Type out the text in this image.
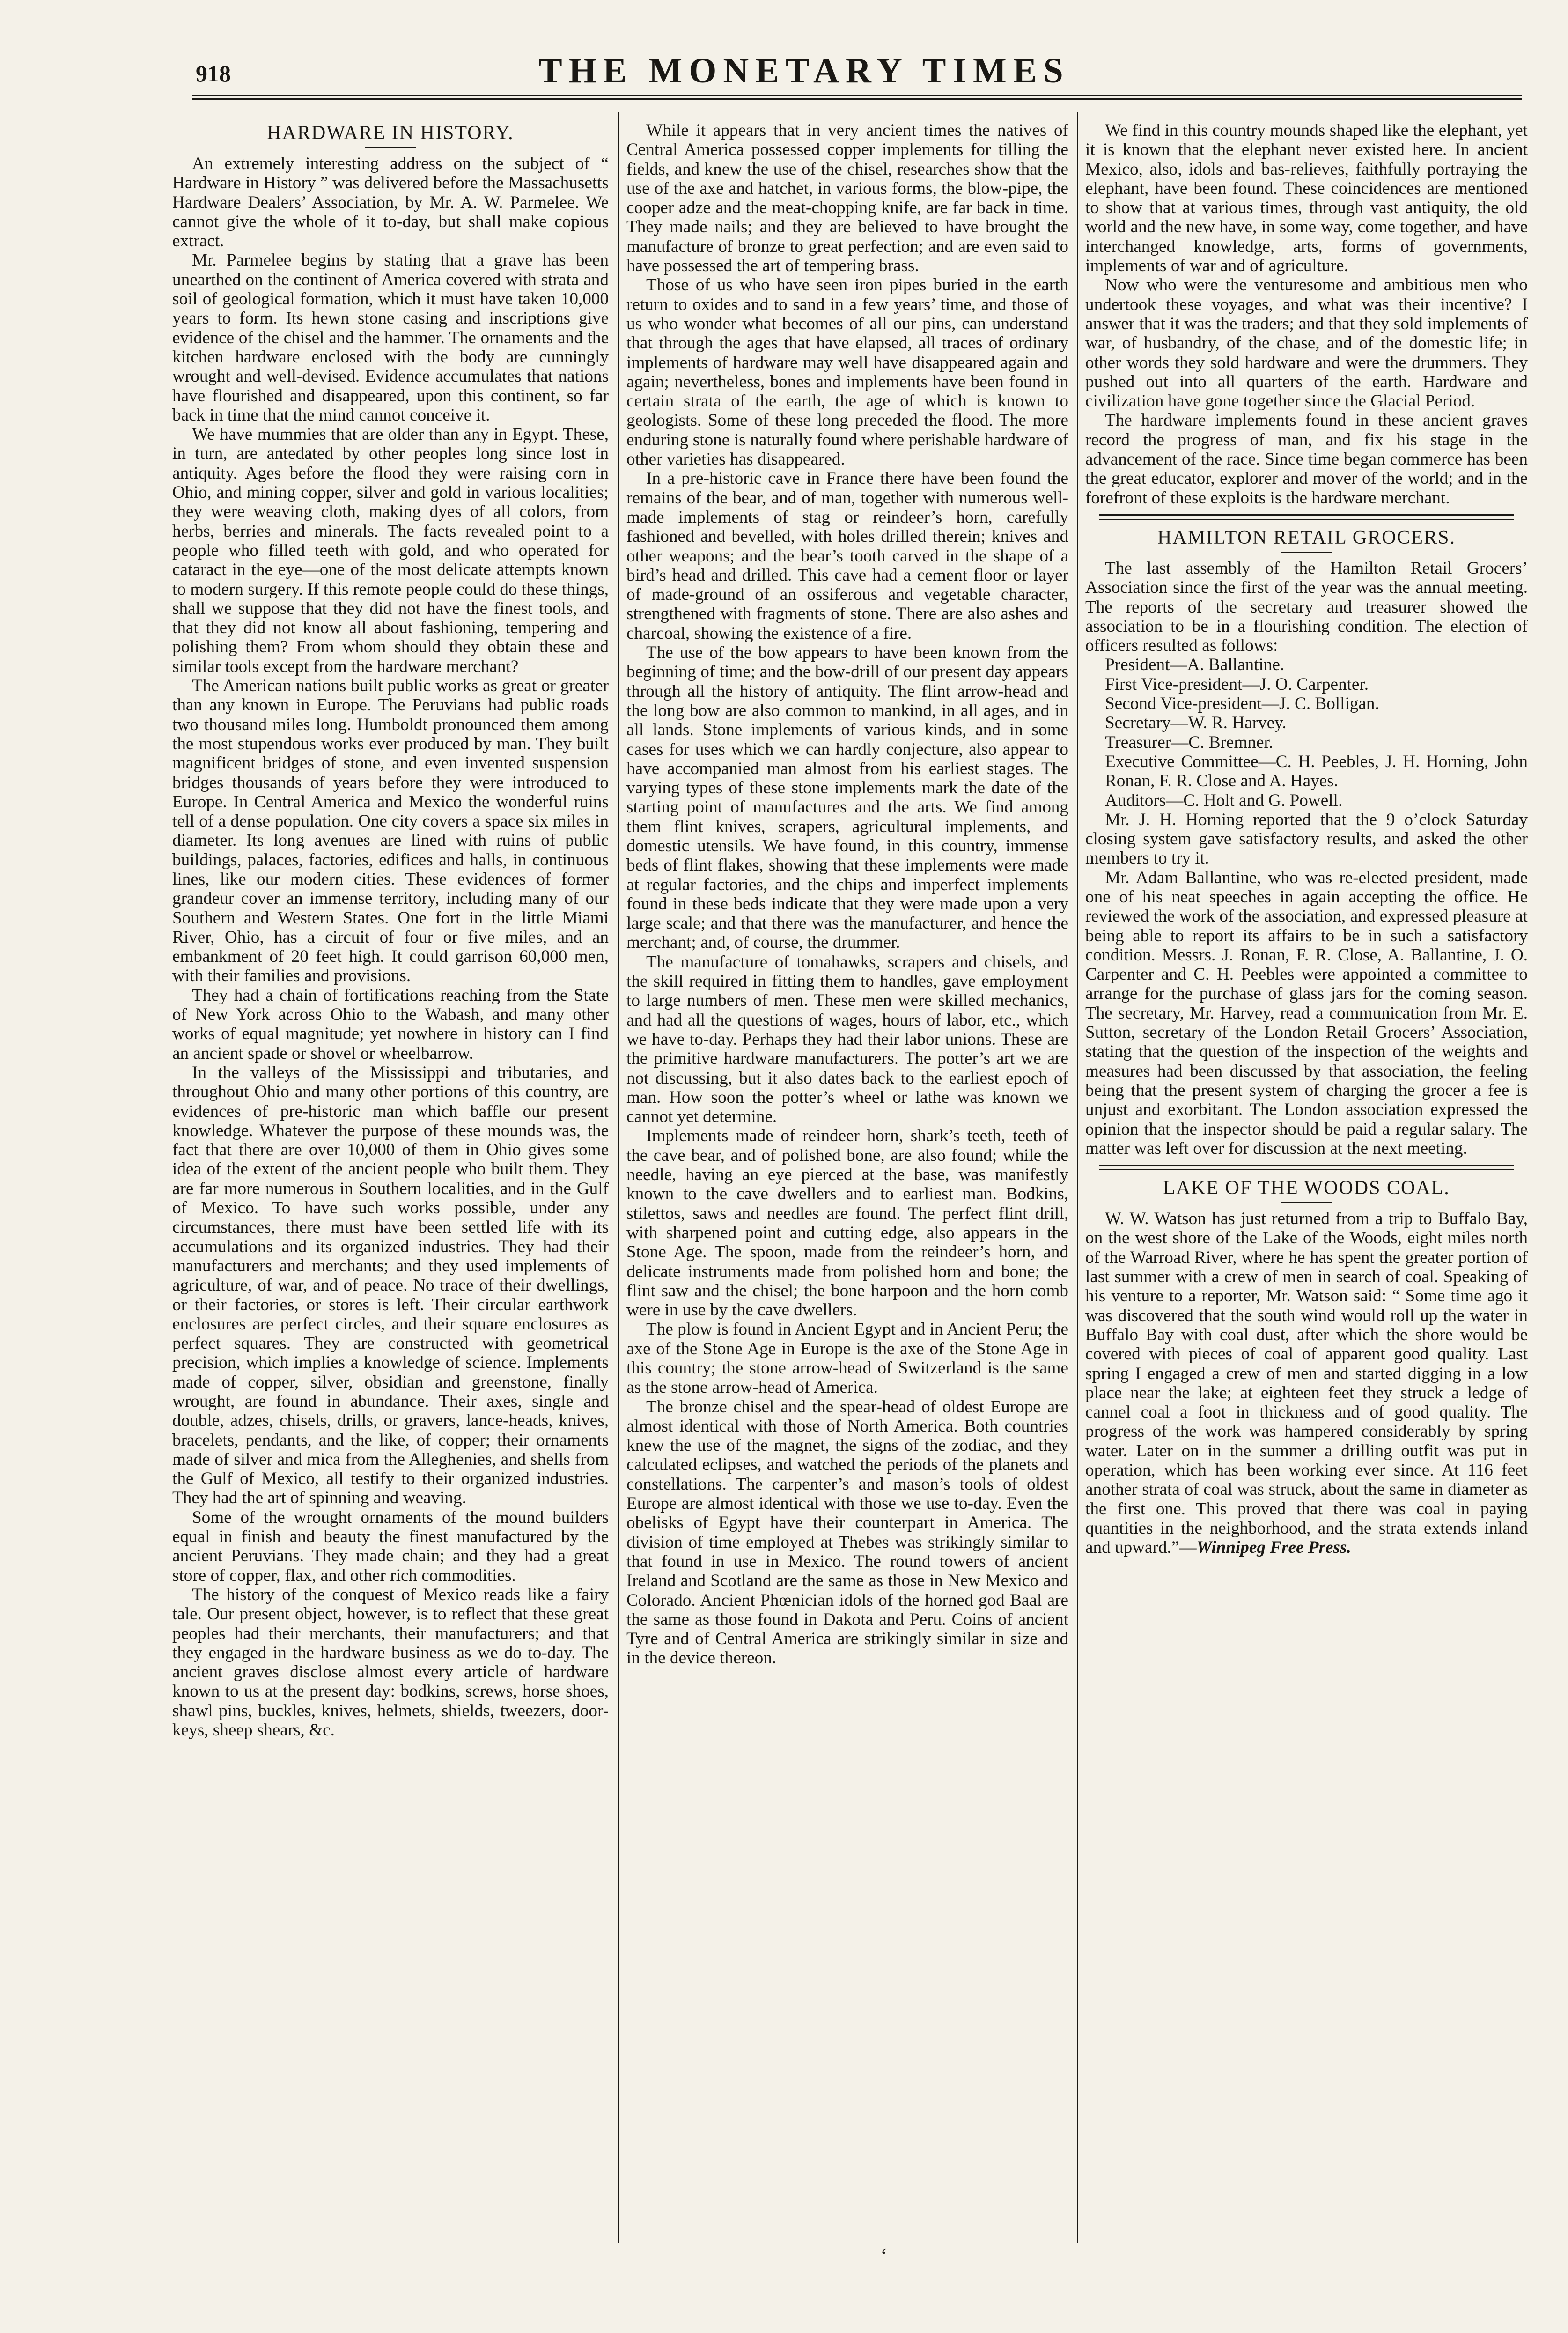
918	THE MONETARY TIMES
HARDWARE IN HISTORY.

An extremely interesting address on the subject of “ Hardware in History ” was delivered before the Massachusetts Hardware Dealers’ Association, by Mr. A. W. Parmelee. We cannot give the whole of it to-day, but shall make copious extract.

Mr. Parmelee begins by stating that a grave has been unearthed on the continent of America covered with strata and soil of geological formation, which it must have taken 10,000 years to form. Its hewn stone casing and inscriptions give evidence of the chisel and the hammer. The ornaments and the kitchen hardware enclosed with the body are cunningly wrought and well-devised. Evidence accumulates that nations have flourished and disappeared, upon this continent, so far back in time that the mind cannot conceive it.

We have mummies that are older than any in Egypt. These, in turn, are antedated by other peoples long since lost in antiquity. Ages before the flood they were raising corn in Ohio, and mining copper, silver and gold in various localities; they were weaving cloth, making dyes of all colors, from herbs, berries and minerals. The facts revealed point to a people who filled teeth with gold, and who operated for cataract in the eye—one of the most delicate attempts known to modern surgery. If this remote people could do these things, shall we suppose that they did not have the finest tools, and that they did not know all about fashioning, tempering and polishing them? From whom should they obtain these and similar tools except from the hardware merchant?

The American nations built public works as great or greater than any known in Europe. The Peruvians had public roads two thousand miles long. Humboldt pronounced them among the most stupendous works ever produced by man. They built magnificent bridges of stone, and even invented suspension bridges thousands of years before they were introduced to Europe. In Central America and Mexico the wonderful ruins tell of a dense population. One city covers a space six miles in diameter. Its long avenues are lined with ruins of public buildings, palaces, factories, edifices and halls, in continuous lines, like our modern cities. These evidences of former grandeur cover an immense territory, including many of our Southern and Western States. One fort in the little Miami River, Ohio, has a circuit of four or five miles, and an embankment of 20 feet high. It could garrison 60,000 men, with their families and provisions.

They had a chain of fortifications reaching from the State of New York across Ohio to the Wabash, and many other works of equal magnitude; yet nowhere in history can I find an ancient spade or shovel or wheelbarrow.

In the valleys of the Mississippi and tributaries, and throughout Ohio and many other portions of this country, are evidences of pre-historic man which baffle our present knowledge. Whatever the purpose of these mounds was, the fact that there are over 10,000 of them in Ohio gives some idea of the extent of the ancient people who built them. They are far more numerous in Southern localities, and in the Gulf of Mexico. To have such works possible, under any circumstances, there must have been settled life with its accumulations and its organized industries. They had their manufacturers and merchants; and they used implements of agriculture, of war, and of peace. No trace of their dwellings, or their factories, or stores is left. Their circular earthwork enclosures are perfect circles, and their square enclosures as perfect squares. They are constructed with geometrical precision, which implies a knowledge of science. Implements made of copper, silver, obsidian and greenstone, finally wrought, are found in abundance. Their axes, single and double, adzes, chisels, drills, or gravers, lance-heads, knives, bracelets, pendants, and the like, of copper; their ornaments made of silver and mica from the Alleghenies, and shells from the Gulf of Mexico, all testify to their organized industries. They had the art of spinning and weaving.

Some of the wrought ornaments of the mound builders equal in finish and beauty the finest manufactured by the ancient Peruvians. They made chain; and they had a great store of copper, flax, and other rich commodities.

The history of the conquest of Mexico reads like a fairy tale. Our present object, however, is to reflect that these great peoples had their merchants, their manufacturers; and that they engaged in the hardware business as we do to-day. The ancient graves disclose almost every article of hardware known to us at the present day: bodkins, screws, horse shoes, shawl pins, buckles, knives, helmets, shields, tweezers, door-keys, sheep shears, &c.

While it appears that in very ancient times the natives of Central America possessed copper implements for tilling the fields, and knew the use of the chisel, researches show that the use of the axe and hatchet, in various forms, the blow-pipe, the cooper adze and the meat-chopping knife, are far back in time. They made nails; and they are believed to have brought the manufacture of bronze to great perfection; and are even said to have possessed the art of tempering brass.

Those of us who have seen iron pipes buried in the earth return to oxides and to sand in a few years’ time, and those of us who wonder what becomes of all our pins, can understand that through the ages that have elapsed, all traces of ordinary implements of hardware may well have disappeared again and again; nevertheless, bones and implements have been found in certain strata of the earth, the age of which is known to geologists. Some of these long preceded the flood. The more enduring stone is naturally found where perishable hardware of other varieties has disappeared.

In a pre-historic cave in France there have been found the remains of the bear, and of man, together with numerous well-made implements of stag or reindeer’s horn, carefully fashioned and bevelled, with holes drilled therein; knives and other weapons; and the bear’s tooth carved in the shape of a bird’s head and drilled. This cave had a cement floor or layer of made-ground of an ossiferous and vegetable character, strengthened with fragments of stone. There are also ashes and charcoal, showing the existence of a fire.

The use of the bow appears to have been known from the beginning of time; and the bow-drill of our present day appears through all the history of antiquity. The flint arrow-head and the long bow are also common to mankind, in all ages, and in all lands. Stone implements of various kinds, and in some cases for uses which we can hardly conjecture, also appear to have accompanied man almost from his earliest stages. The varying types of these stone implements mark the date of the starting point of manufactures and the arts. We find among them flint knives, scrapers, agricultural implements, and domestic utensils. We have found, in this country, immense beds of flint flakes, showing that these implements were made at regular factories, and the chips and imperfect implements found in these beds indicate that they were made upon a very large scale; and that there was the manufacturer, and hence the merchant; and, of course, the drummer.

The manufacture of tomahawks, scrapers and chisels, and the skill required in fitting them to handles, gave employment to large numbers of men. These men were skilled mechanics, and had all the questions of wages, hours of labor, etc., which we have to-day. Perhaps they had their labor unions. These are the primitive hardware manufacturers. The potter’s art we are not discussing, but it also dates back to the earliest epoch of man. How soon the potter’s wheel or lathe was known we cannot yet determine.

Implements made of reindeer horn, shark’s teeth, teeth of the cave bear, and of polished bone, are also found; while the needle, having an eye pierced at the base, was manifestly known to the cave dwellers and to earliest man. Bodkins, stilettos, saws and needles are found. The perfect flint drill, with sharpened point and cutting edge, also appears in the Stone Age. The spoon, made from the reindeer’s horn, and delicate instruments made from polished horn and bone; the flint saw and the chisel; the bone harpoon and the horn comb were in use by the cave dwellers.

The plow is found in Ancient Egypt and in Ancient Peru; the axe of the Stone Age in Europe is the axe of the Stone Age in this country; the stone arrow-head of Switzerland is the same as the stone arrow-head of America.

The bronze chisel and the spear-head of oldest Europe are almost identical with those of North America. Both countries knew the use of the magnet, the signs of the zodiac, and they calculated eclipses, and watched the periods of the planets and constellations. The carpenter’s and mason’s tools of oldest Europe are almost identical with those we use to-day. Even the obelisks of Egypt have their counterpart in America. The division of time employed at Thebes was strikingly similar to that found in use in Mexico. The round towers of ancient Ireland and Scotland are the same as those in New Mexico and Colorado. Ancient Phœnician idols of the horned god Baal are the same as those found in Dakota and Peru. Coins of ancient Tyre and of Central America are strikingly similar in size and in the device thereon.

We find in this country mounds shaped like the elephant, yet it is known that the elephant never existed here. In ancient Mexico, also, idols and bas-relieves, faithfully portraying the elephant, have been found. These coincidences are mentioned to show that at various times, through vast antiquity, the old world and the new have, in some way, come together, and have interchanged knowledge, arts, forms of governments, implements of war and of agriculture.

Now who were the venturesome and ambitious men who undertook these voyages, and what was their incentive? I answer that it was the traders; and that they sold implements of war, of husbandry, of the chase, and of the domestic life; in other words they sold hardware and were the drummers. They pushed out into all quarters of the earth. Hardware and civilization have gone together since the Glacial Period.

The hardware implements found in these ancient graves record the progress of man, and fix his stage in the advancement of the race. Since time began commerce has been the great educator, explorer and mover of the world; and in the forefront of these exploits is the hardware merchant.

HAMILTON RETAIL GROCERS.

The last assembly of the Hamilton Retail Grocers’ Association since the first of the year was the annual meeting. The reports of the secretary and treasurer showed the association to be in a flourishing condition. The election of officers resulted as follows:

President—A. Ballantine.

First Vice-president—J. O. Carpenter.

Second Vice-president—J. C. Bolligan.

Secretary—W. R. Harvey.

Treasurer—C. Bremner.

Executive Committee—C. H. Peebles, J. H. Horning, John Ronan, F. R. Close and A. Hayes.

Auditors—C. Holt and G. Powell.

Mr. J. H. Horning reported that the 9 o’clock Saturday closing system gave satisfactory results, and asked the other members to try it.

Mr. Adam Ballantine, who was re-elected president, made one of his neat speeches in again accepting the office. He reviewed the work of the association, and expressed pleasure at being able to report its affairs to be in such a satisfactory condition. Messrs. J. Ronan, F. R. Close, A. Ballantine, J. O. Carpenter and C. H. Peebles were appointed a committee to arrange for the purchase of glass jars for the coming season. The secretary, Mr. Harvey, read a communication from Mr. E. Sutton, secretary of the London Retail Grocers’ Association, stating that the question of the inspection of the weights and measures had been discussed by that association, the feeling being that the present system of charging the grocer a fee is unjust and exorbitant. The London association expressed the opinion that the inspector should be paid a regular salary. The matter was left over for discussion at the next meeting.

LAKE OF THE WOODS COAL.

W. W. Watson has just returned from a trip to Buffalo Bay, on the west shore of the Lake of the Woods, eight miles north of the Warroad River, where he has spent the greater portion of last summer with a crew of men in search of coal. Speaking of his venture to a reporter, Mr. Watson said: “ Some time ago it was discovered that the south wind would roll up the water in Buffalo Bay with coal dust, after which the shore would be covered with pieces of coal of apparent good quality. Last spring I engaged a crew of men and started digging in a low place near the lake; at eighteen feet they struck a ledge of cannel coal a foot in thickness and of good quality. The progress of the work was hampered considerably by spring water. Later on in the summer a drilling outfit was put in operation, which has been working ever since. At 116 feet another strata of coal was struck, about the same in diameter as the first one. This proved that there was coal in paying quantities in the neighborhood, and the strata extends inland and upward.”—Winnipeg Free Press.

‘
